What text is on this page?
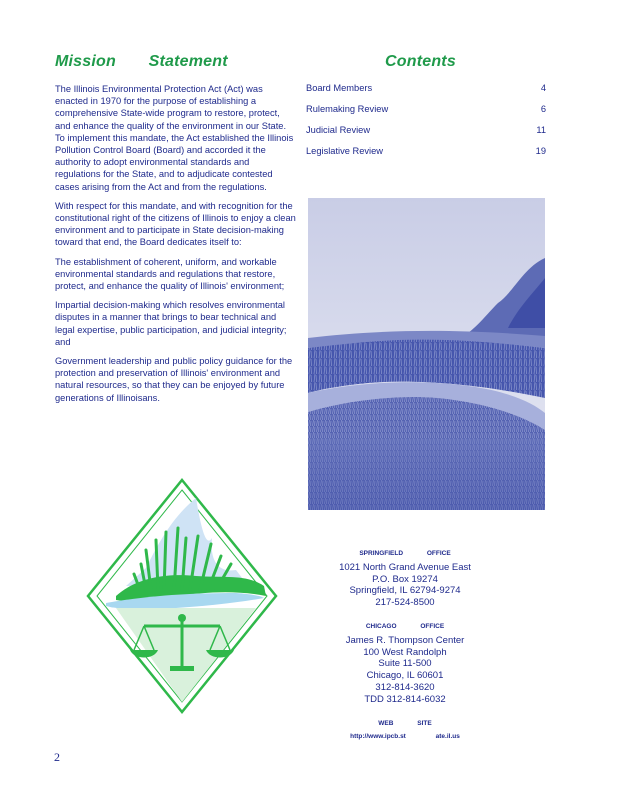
Mission Statement	Contents

The Illinois Environmental Protection Act (Act) was enacted in 1970 for the purpose of establishing a comprehensive State-wide program to restore, protect, and enhance the quality of the environment in our State. To implement this mandate, the Act established the Illinois Pollution Control Board (Board) and accorded it the authority to adopt environmental standards and regulations for the State, and to adjudicate contested cases arising from the Act and from the regulations.

With respect for this mandate, and with recognition for the constitutional right of the citizens of Illinois to enjoy a clean environment and to participate in State decision-making toward that end, the Board dedicates itself to:

The establishment of coherent, uniform, and workable environmental standards and regulations that restore, protect, and enhance the quality of Illinois' environment;

Impartial decision-making which resolves environmental disputes in a manner that brings to bear technical and legal expertise, public participation, and judicial integrity; and

Government leadership and public policy guidance for the protection and preservation of Illinois' environment and natural resources, so that they can be enjoyed by future generations of Illinoisans.

Board Members	4
Rulemaking Review	6
Judicial Review	11
Legislative Review	19
SPRINGFIELD OFFICE
1021 North Grand Avenue East
P.O. Box 19274
Springfield, IL 62794-9274
217-524-8500
CHICAGO OFFICE
James R. Thompson Center
100 West Randolph
Suite 11-500
Chicago, IL 60601
312-814-3620
TDD 312-814-6032
WEB SITE
http://www.ipcb.st ate.il.us
2
